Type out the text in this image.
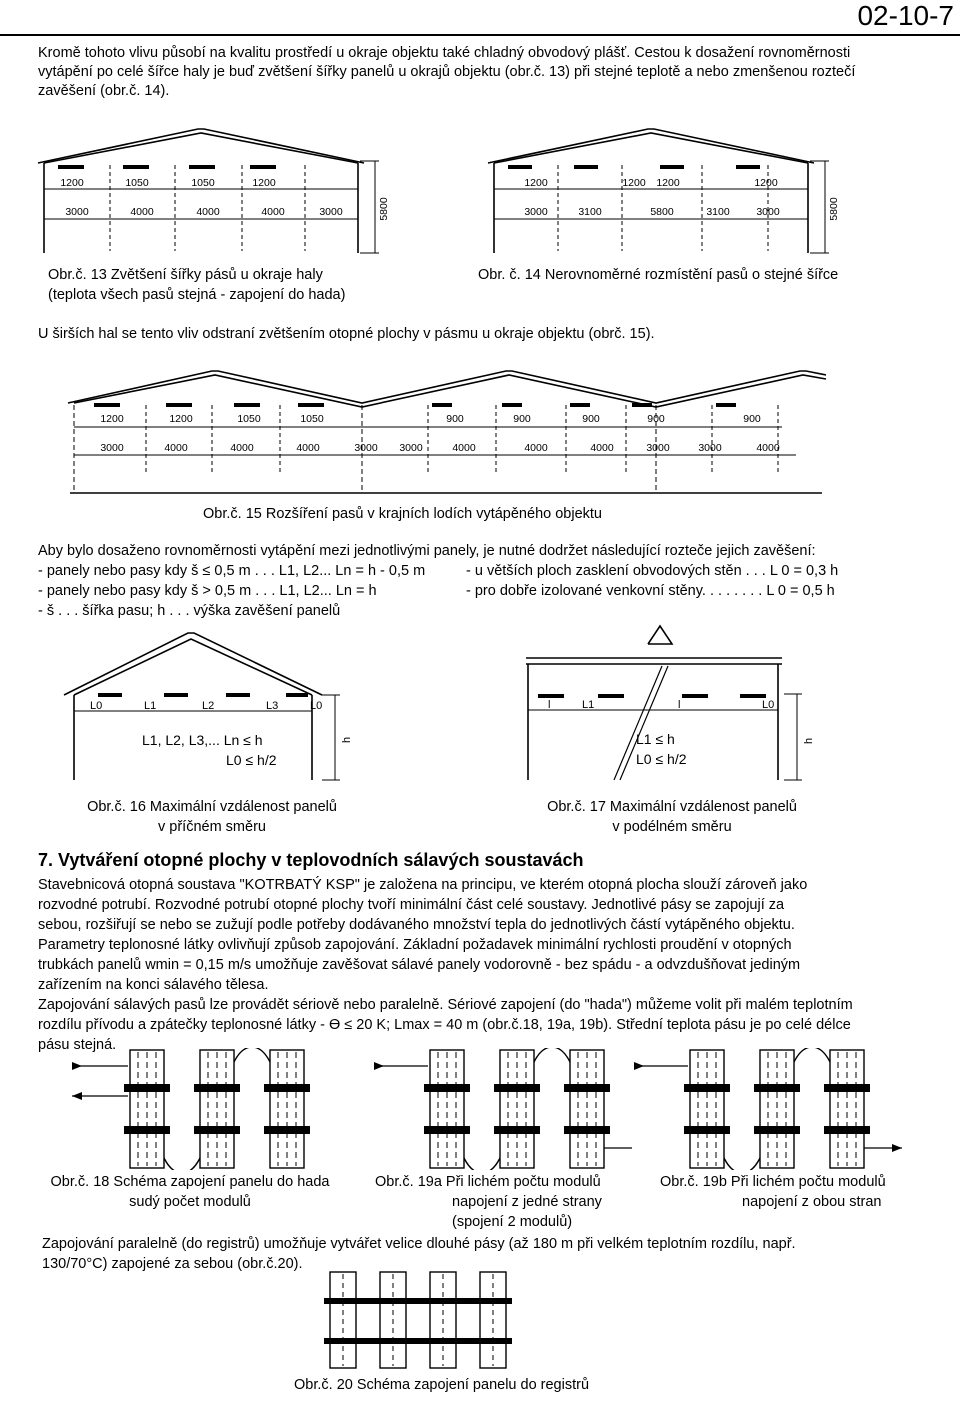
02-10-7
Kromě tohoto vlivu působí na kvalitu prostředí u okraje objektu také chladný obvodový plášť. Cestou k dosažení rovnoměrnosti
vytápění po celé šířce haly je buď zvětšení šířky panelů u okrajů objektu (obr.č. 13) při stejné teplotě a nebo zmenšenou roztečí
zavěšení (obr.č. 14).
1200	1050	1050	1200
3000	4000	4000	4000	3000	5800
Obr.č. 13 Zvětšení šířky pásů u okraje haly
(teplota všech pasů stejná - zapojení do hada)
1200	1200 1200	1200
3000	3100	5800	3100	3000	5800
Obr. č. 14 Nerovnoměrné rozmístění pasů o stejné šířce
U širších hal se tento vliv odstraní zvětšením otopné plochy v pásmu u okraje objektu (obrč. 15).
1200	1200	1050	1050	900	900	900	900	900
3000	4000	4000	4000	3000 3000	4000	4000	4000	3000	3000	4000
Obr.č. 15 Rozšíření pasů v krajních lodích vytápěného objektu
Aby bylo dosaženo rovnoměrnosti vytápění mezi jednotlivými panely, je nutné dodržet následující rozteče jejich zavěšení:
- panely nebo pasy kdy š ≤ 0,5 m . . . L1, L2... Ln = h - 0,5 m	- u větších ploch zasklení obvodových stěn . . . L 0 = 0,3 h
- panely nebo pasy kdy š > 0,5 m . . . L1, L2... Ln = h	- pro dobře izolované venkovní stěny. . . . . . . . L 0 = 0,5 h
- š . . . šířka pasu; h . . . výška zavěšení panelů
L0	L1	L2	L3	L0
h
L1, L2, L3,... Ln ≤ h
L0 ≤ h/2
Obr.č. 16 Maximální vzdálenost panelů
v příčném směru
l	L1	l	L0
h
L1 ≤ h
L0 ≤ h/2
Obr.č. 17 Maximální vzdálenost panelů
v podélném směru
7. Vytváření otopné plochy v teplovodních sálavých soustavách
Stavebnicová otopná soustava "KOTRBATÝ KSP" je založena na principu, ve kterém otopná plocha slouží zároveň jako
rozvodné potrubí. Rozvodné potrubí otopné plochy tvoří minimální část celé soustavy. Jednotlivé pásy se zapojují za
sebou, rozšiřují se nebo se zužují podle potřeby dodávaného množství tepla do jednotlivých částí vytápěného objektu.
Parametry teplonosné látky ovlivňují způsob zapojování. Základní požadavek minimální rychlosti proudění v otopných
trubkách panelů wmin = 0,15 m/s umožňuje zavěšovat sálavé panely vodorovně - bez spádu - a odvzdušňovat jediným
zařízením na konci sálavého tělesa.
Zapojování sálavých pasů lze provádět sériově nebo paralelně. Sériové zapojení (do "hada") můžeme volit při malém teplotním
rozdílu přívodu a zpátečky teplonosné látky - ϴ ≤ 20 K; Lmax = 40 m (obr.č.18, 19a, 19b). Střední teplota pásu je po celé délce
pásu stejná.
Obr.č. 18 Schéma zapojení panelu do hada
sudý počet modulů
Obr.č. 19a Při lichém počtu modulů
napojení z jedné strany
(spojení 2 modulů)
Obr.č. 19b Při lichém počtu modulů
napojení z obou stran
Zapojování paralelně (do registrů) umožňuje vytvářet velice dlouhé pásy (až 180 m při velkém teplotním rozdílu, např.
130/70°C) zapojené za sebou (obr.č.20).
Obr.č. 20 Schéma zapojení panelu do registrů
